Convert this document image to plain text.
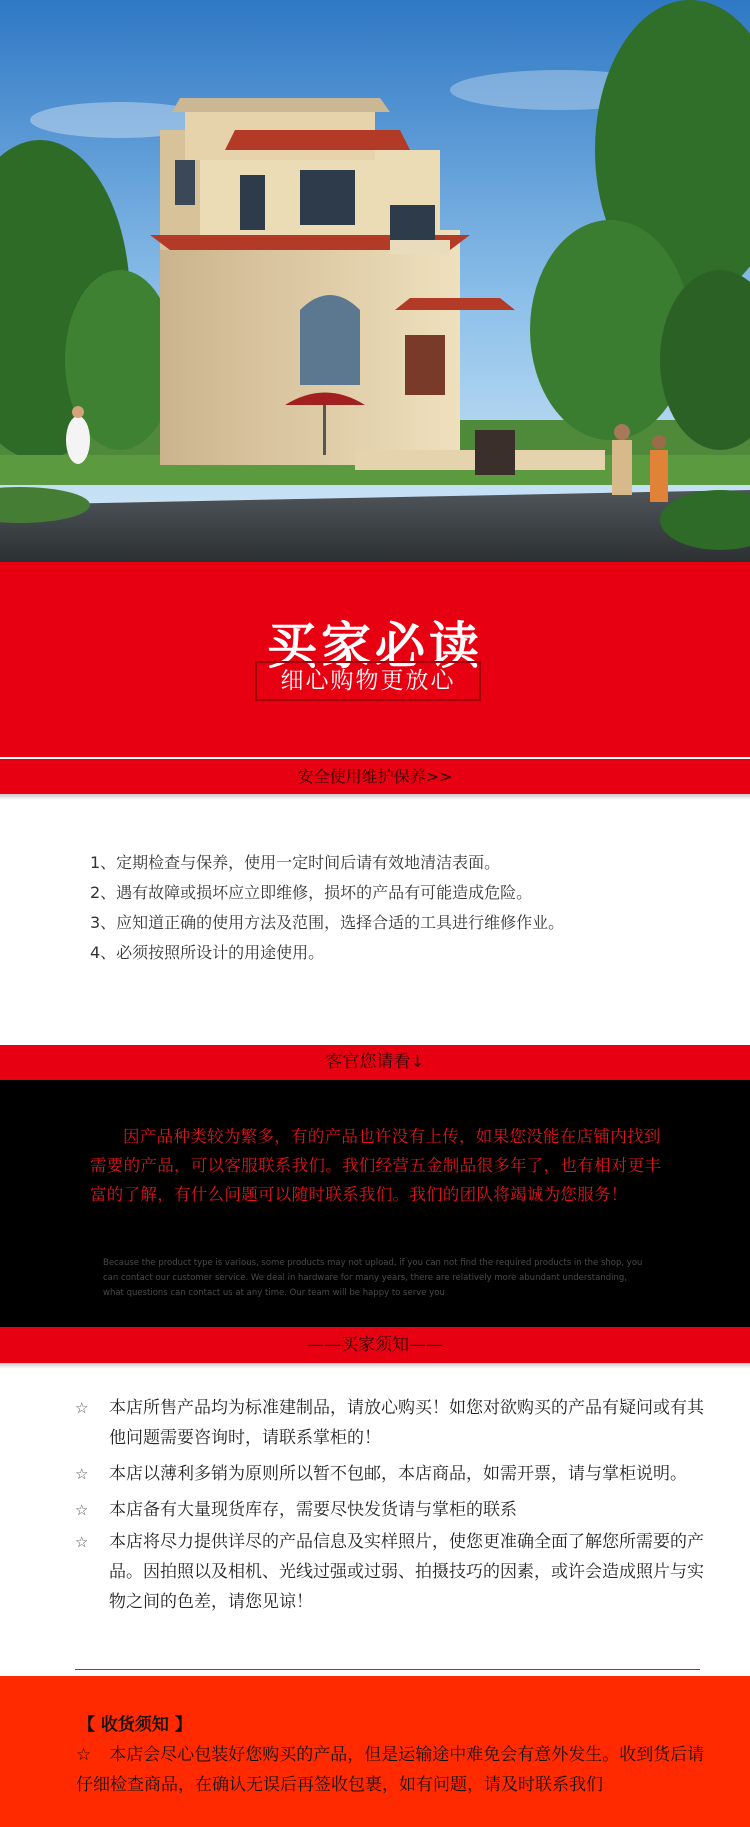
买家必读
细心购物更放心
安全使用维护保养>>
1、定期检查与保养，使用一定时间后请有效地清洁表面。
2、遇有故障或损坏应立即维修，损坏的产品有可能造成危险。
3、应知道正确的使用方法及范围，选择合适的工具进行维修作业。
4、必须按照所设计的用途使用。
客官您请看↓
因产品种类较为繁多，有的产品也许没有上传，如果您没能在店铺内找到需要的产品，可以客服联系我们。我们经营五金制品很多年了，也有相对更丰富的了解，有什么问题可以随时联系我们。我们的团队将竭诚为您服务！
Because the product type is various, some products may not upload, if you can not find the required products in the shop, you can contact our customer service. We deal in hardware for many years, there are relatively more abundant understanding, what questions can contact us at any time. Our team will be happy to serve you
——买家须知——
☆	本店所售产品均为标准建制品，请放心购买！如您对欲购买的产品有疑问或有其他问题需要咨询时，请联系掌柜的！
☆	本店以薄利多销为原则所以暂不包邮，本店商品，如需开票，请与掌柜说明。
☆	本店备有大量现货库存，需要尽快发货请与掌柜的联系
☆	本店将尽力提供详尽的产品信息及实样照片，使您更准确全面了解您所需要的产品。因拍照以及相机、光线过强或过弱、拍摄技巧的因素，或许会造成照片与实物之间的色差，请您见谅！
【 收货须知 】
☆ 本店会尽心包装好您购买的产品，但是运输途中难免会有意外发生。收到货后请仔细检查商品，在确认无误后再签收包裹，如有问题，请及时联系我们
